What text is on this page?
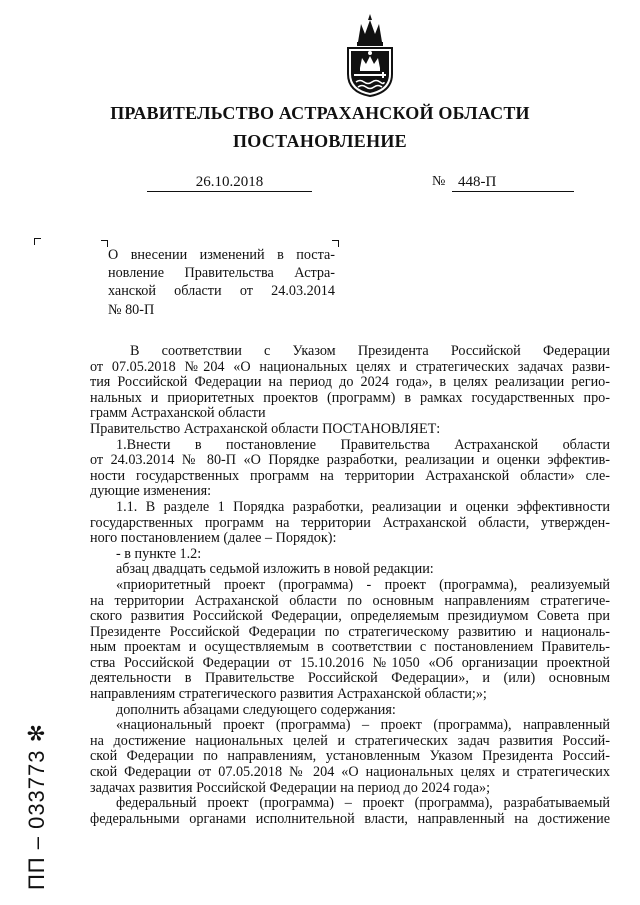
ПРАВИТЕЛЬСТВО АСТРАХАНСКОЙ ОБЛАСТИ
ПОСТАНОВЛЕНИЕ
26.10.2018	№ 448-П
О внесении изменений в поста-
новление Правительства Астра-
ханской области от 24.03.2014
№ 80-П
В соответствии с Указом Президента Российской Федерации
от 07.05.2018 №204 «О национальных целях и стратегических задачах разви-
тия Российской Федерации на период до 2024 года», в целях реализации регио-
нальных и приоритетных проектов (программ) в рамках государственных про-
грамм Астраханской области
Правительство Астраханской области ПОСТАНОВЛЯЕТ:
1.Внести в постановление Правительства Астраханской области
от 24.03.2014 № 80-П «О Порядке разработки, реализации и оценки эффектив-
ности государственных программ на территории Астраханской области» сле-
дующие изменения:
1.1. В разделе 1 Порядка разработки, реализации и оценки эффективности
государственных программ на территории Астраханской области, утвержден-
ного постановлением (далее – Порядок):
- в пункте 1.2:
абзац двадцать седьмой изложить в новой редакции:
«приоритетный проект (программа) - проект (программа), реализуемый
на территории Астраханской области по основным направлениям стратегиче-
ского развития Российской Федерации, определяемым президиумом Совета при
Президенте Российской Федерации по стратегическому развитию и националь-
ным проектам и осуществляемым в соответствии с постановлением Правитель-
ства Российской Федерации от 15.10.2016 №1050 «Об организации проектной
деятельности в Правительстве Российской Федерации», и (или) основным
направлениям стратегического развития Астраханской области;»;
дополнить абзацами следующего содержания:
«национальный проект (программа) – проект (программа), направленный
на достижение национальных целей и стратегических задач развития Россий-
ской Федерации по направлениям, установленным Указом Президента Россий-
ской Федерации от 07.05.2018 № 204 «О национальных целях и стратегических
задачах развития Российской Федерации на период до 2024 года»;
федеральный проект (программа) – проект (программа), разрабатываемый
федеральными органами исполнительной власти, направленный на достижение
ПП – 033773 ✻
